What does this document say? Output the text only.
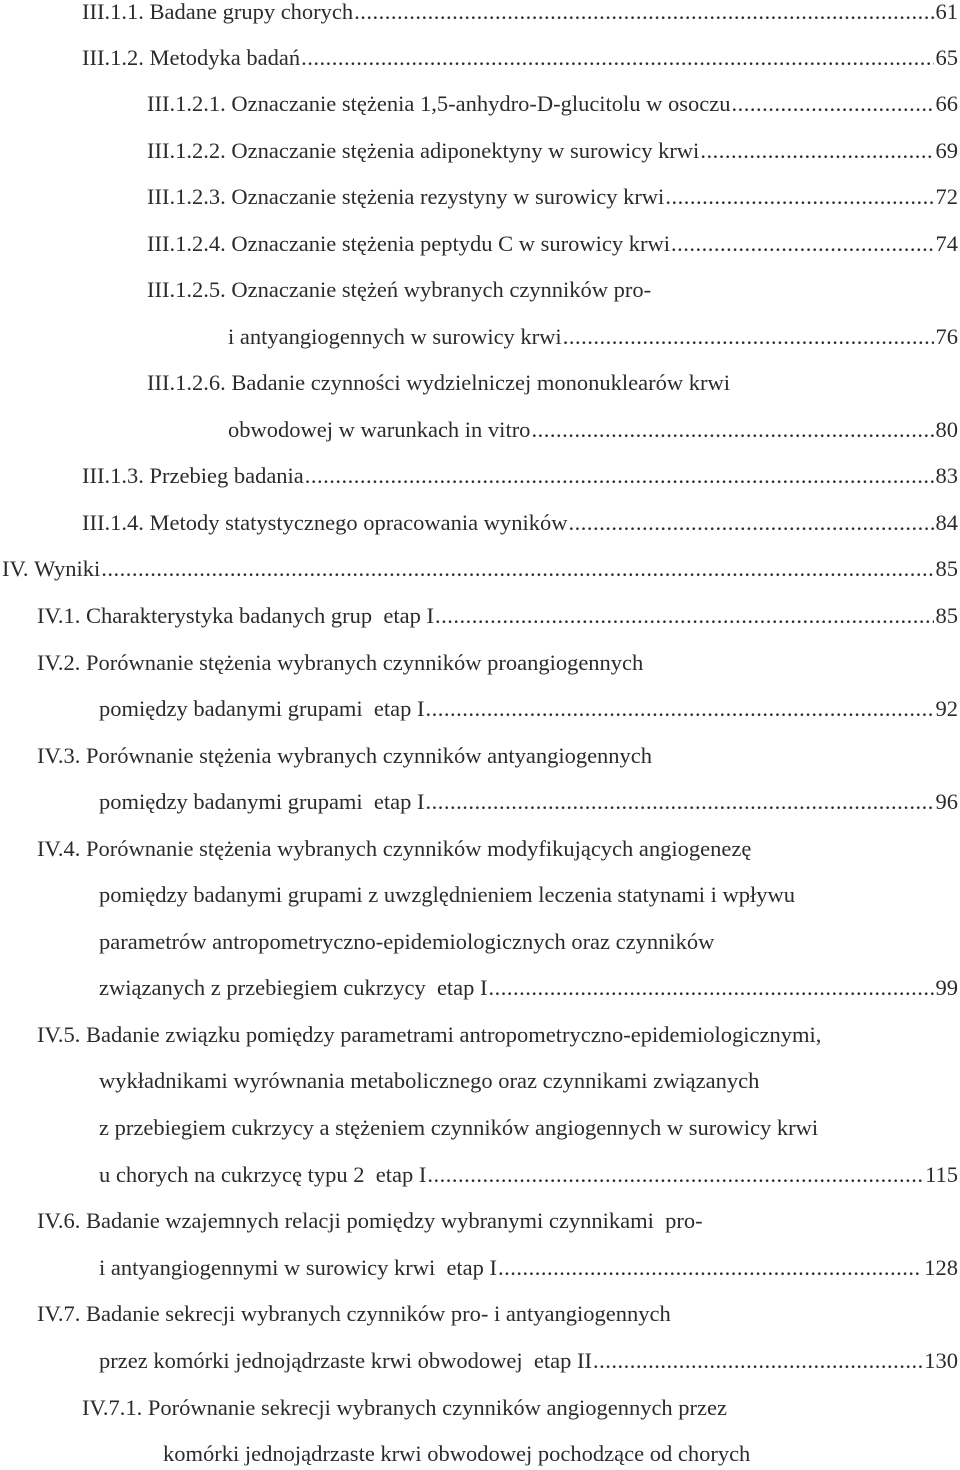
III.1.1.
Badane grupy chorych .....	61
III.1.2.
Metodyka badań .....	65
III.1.2.1.
Oznaczanie stężenia 1,5-anhydro-D-glucitolu w osoczu .....	66
III.1.2.2.
Oznaczanie stężenia adiponektyny w surowicy krwi .....	69
III.1.2.3.
Oznaczanie stężenia rezystyny w surowicy krwi .....	72
III.1.2.4.
Oznaczanie stężenia peptydu C w surowicy krwi .....	74
III.1.2.5.
Oznaczanie stężeń wybranych czynników pro-
i antyangiogennych w surowicy krwi .....	76
III.1.2.6.
Badanie czynności wydzielniczej mononuklearów krwi
obwodowej w warunkach in vitro .....	80
III.1.3.
Przebieg badania .....	83
III.1.4.
Metody statystycznego opracowania wyników .....	84
IV.
Wyniki .....	85
IV.1.
Charakterystyka badanych grup  etap I .....	85
IV.2.
Porównanie stężenia wybranych czynników proangiogennych
pomiędzy badanymi grupami  etap I .....	92
IV.3.
Porównanie stężenia wybranych czynników antyangiogennych
pomiędzy badanymi grupami  etap I .....	96
IV.4.
Porównanie stężenia wybranych czynników modyfikujących angiogenezę
pomiędzy badanymi grupami z uwzględnieniem leczenia statynami i wpływu
parametrów antropometryczno-epidemiologicznych oraz czynników
związanych z przebiegiem cukrzycy  etap I .....	99
IV.5.
Badanie związku pomiędzy parametrami antropometryczno-epidemiologicznymi,
wykładnikami wyrównania metabolicznego oraz czynnikami związanych
z przebiegiem cukrzycy a stężeniem czynników angiogennych w surowicy krwi
u chorych na cukrzycę typu 2  etap I .....	115
IV.6.
Badanie wzajemnych relacji pomiędzy wybranymi czynnikami  pro-
i antyangiogennymi w surowicy krwi  etap I .....	128
IV.7.
Badanie sekrecji wybranych czynników pro- i antyangiogennych
przez komórki jednojądrzaste krwi obwodowej  etap II .....	130
IV.7.1.
Porównanie sekrecji wybranych czynników angiogennych przez
komórki jednojądrzaste krwi obwodowej pochodzące od chorych
